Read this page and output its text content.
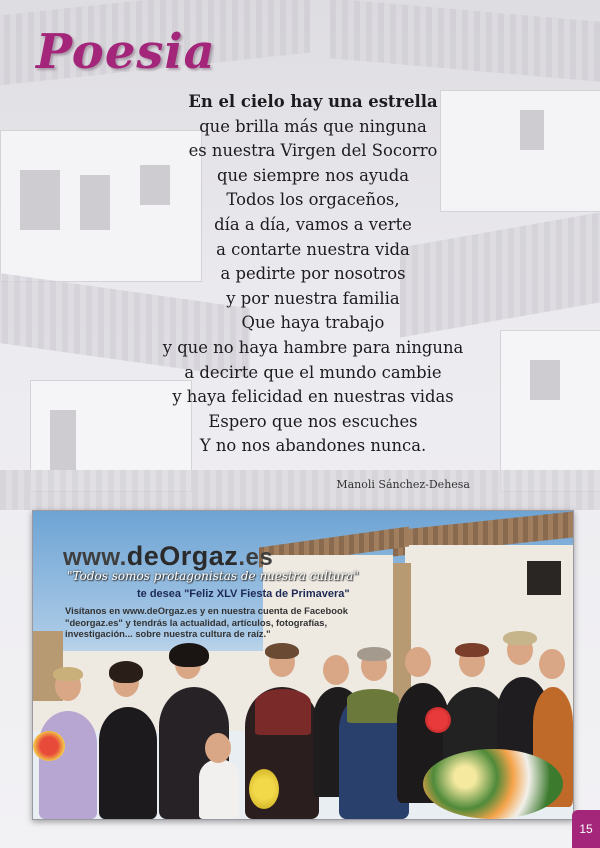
Poesia
En el cielo hay una estrella
que brilla más que ninguna
es nuestra Virgen del Socorro
que siempre nos ayuda
Todos los orgaceños,
día a día, vamos a verte
a contarte nuestra vida
a pedirte por nosotros
y por nuestra familia
Que haya trabajo
y que no haya hambre para ninguna
a decirte que el mundo cambie
y haya felicidad en nuestras vidas
Espero que nos escuches
Y no nos abandones nunca.
Manoli Sánchez-Dehesa
www.deOrgaz.es
"Todos somos protagonistas de nuestra cultura"
te desea "Feliz XLV Fiesta de Primavera"
Visítanos en www.deOrgaz.es y en nuestra cuenta de Facebook
"deorgaz.es" y tendrás la actualidad, artículos, fotografías,
investigación... sobre nuestra cultura de raíz."
15
